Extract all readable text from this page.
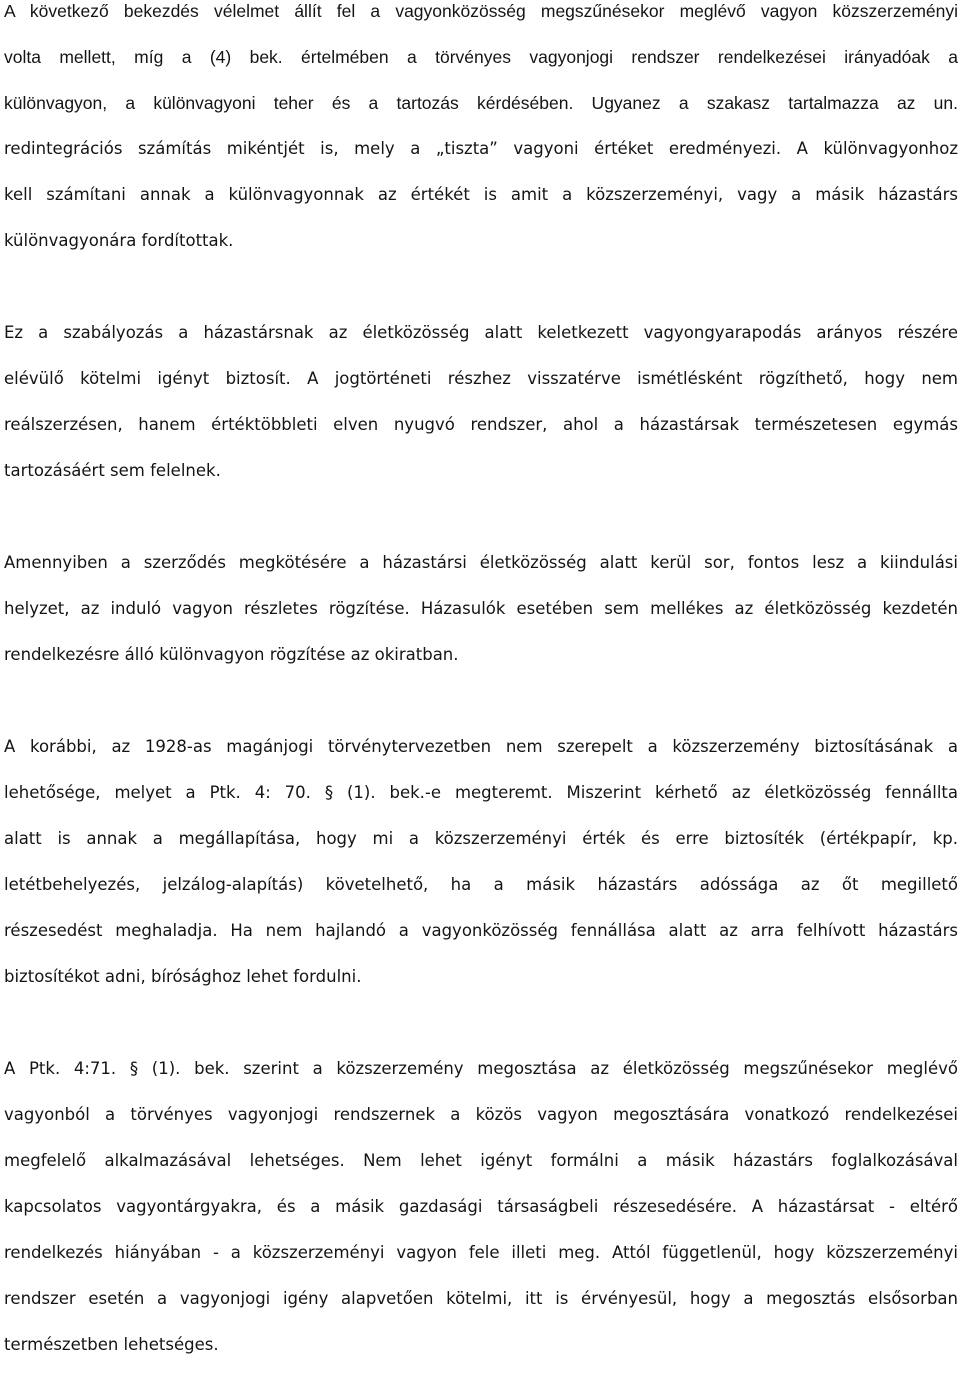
A következő bekezdés vélelmet állít fel a vagyonközösség megszűnésekor meglévő vagyon közszerzeményi
volta mellett, míg a (4) bek. értelmében a törvényes vagyonjogi rendszer rendelkezései irányadóak a
különvagyon, a különvagyoni teher és a tartozás kérdésében. Ugyanez a szakasz tartalmazza az un.
redintegrációs számítás mikéntjét is, mely a „tiszta” vagyoni értéket eredményezi. A különvagyonhoz
kell számítani annak a különvagyonnak az értékét is amit a közszerzeményi, vagy a másik házastárs
különvagyonára fordítottak.
Ez a szabályozás a házastársnak az életközösség alatt keletkezett vagyongyarapodás arányos részére
elévülő kötelmi igényt biztosít. A jogtörténeti részhez visszatérve ismétlésként rögzíthető, hogy nem
reálszerzésen, hanem értéktöbbleti elven nyugvó rendszer, ahol a házastársak természetesen egymás
tartozásáért sem felelnek.
Amennyiben a szerződés megkötésére a házastársi életközösség alatt kerül sor, fontos lesz a kiindulási
helyzet, az induló vagyon részletes rögzítése. Házasulók esetében sem mellékes az életközösség kezdetén
rendelkezésre álló különvagyon rögzítése az okiratban.
A korábbi, az 1928-as magánjogi törvénytervezetben nem szerepelt a közszerzemény biztosításának a
lehetősége, melyet a Ptk. 4: 70. § (1). bek.-e megteremt. Miszerint kérhető az életközösség fennállta
alatt is annak a megállapítása, hogy mi a közszerzeményi érték és erre biztosíték (értékpapír, kp.
letétbehelyezés, jelzálog-alapítás) követelhető, ha a másik házastárs adóssága az őt megillető
részesedést meghaladja. Ha nem hajlandó a vagyonközösség fennállása alatt az arra felhívott házastárs
biztosítékot adni, bírósághoz lehet fordulni.
A Ptk. 4:71. § (1). bek. szerint a közszerzemény megosztása az életközösség megszűnésekor meglévő
vagyonból a törvényes vagyonjogi rendszernek a közös vagyon megosztására vonatkozó rendelkezései
megfelelő alkalmazásával lehetséges. Nem lehet igényt formálni a másik házastárs foglalkozásával
kapcsolatos vagyontárgyakra, és a másik gazdasági társaságbeli részesedésére. A házastársat - eltérő
rendelkezés hiányában - a közszerzeményi vagyon fele illeti meg. Attól függetlenül, hogy közszerzeményi
rendszer esetén a vagyonjogi igény alapvetően kötelmi, itt is érvényesül, hogy a megosztás elsősorban
természetben lehetséges.
